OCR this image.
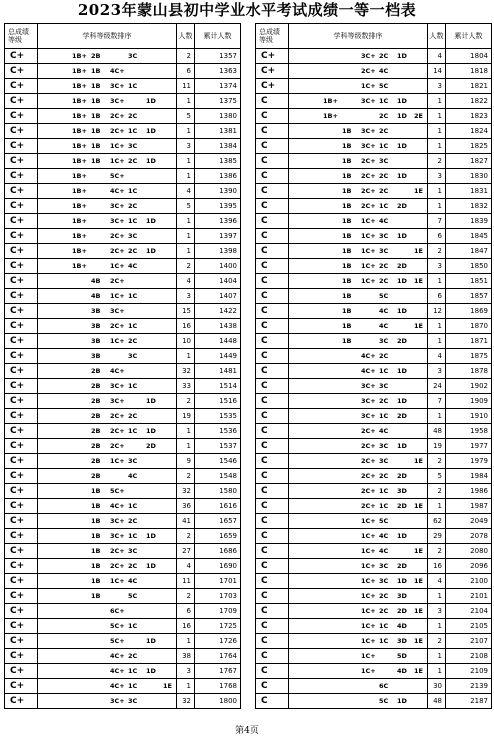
2023年蒙山县初中学业水平考试成绩一等一档表
总成绩
等级	学科等级数排序	人数	累计人数
C+	1B+ 2B 3C	2	1357
C+	1B+ 1B 4C+	6	1363
C+	1B+ 1B 3C+ 1C	11	1374
C+	1B+ 1B 3C+ 1D	1	1375
C+	1B+ 1B 2C+ 2C	5	1380
C+	1B+ 1B 2C+ 1C 1D	1	1381
C+	1B+ 1B 1C+ 3C	3	1384
C+	1B+ 1B 1C+ 2C 1D	1	1385
C+	1B+ 5C+	1	1386
C+	1B+ 4C+ 1C	4	1390
C+	1B+ 3C+ 2C	5	1395
C+	1B+ 3C+ 1C 1D	1	1396
C+	1B+ 2C+ 3C	1	1397
C+	1B+ 2C+ 2C 1D	1	1398
C+	1B+ 1C+ 4C	2	1400
C+	4B 2C+	4	1404
C+	4B 1C+ 1C	3	1407
C+	3B 3C+	15	1422
C+	3B 2C+ 1C	16	1438
C+	3B 1C+ 2C	10	1448
C+	3B 3C	1	1449
C+	2B 4C+	32	1481
C+	2B 3C+ 1C	33	1514
C+	2B 3C+ 1D	2	1516
C+	2B 2C+ 2C	19	1535
C+	2B 2C+ 1C 1D	1	1536
C+	2B 2C+ 2D	1	1537
C+	2B 1C+ 3C	9	1546
C+	2B 4C	2	1548
C+	1B 5C+	32	1580
C+	1B 4C+ 1C	36	1616
C+	1B 3C+ 2C	41	1657
C+	1B 3C+ 1C 1D	2	1659
C+	1B 2C+ 3C	27	1686
C+	1B 2C+ 2C 1D	4	1690
C+	1B 1C+ 4C	11	1701
C+	1B 5C	2	1703
C+	6C+	6	1709
C+	5C+ 1C	16	1725
C+	5C+ 1D	1	1726
C+	4C+ 2C	38	1764
C+	4C+ 1C 1D	3	1767
C+	4C+ 1C 1E	1	1768
C+	3C+ 3C	32	1800
总成绩
等级	学科等级数排序	人数	累计人数
C+	3C+ 2C 1D	4	1804
C+	2C+ 4C	14	1818
C+	1C+ 5C	3	1821
C	1B+ 3C+ 1C 1D	1	1822
C	1B+ 2C 1D 2E	1	1823
C	1B 3C+ 2C	1	1824
C	1B 3C+ 1C 1D	1	1825
C	1B 2C+ 3C	2	1827
C	1B 2C+ 2C 1D	3	1830
C	1B 2C+ 2C 1E	1	1831
C	1B 2C+ 1C 2D	1	1832
C	1B 1C+ 4C	7	1839
C	1B 1C+ 3C 1D	6	1845
C	1B 1C+ 3C 1E	2	1847
C	1B 1C+ 2C 2D	3	1850
C	1B 1C+ 2C 1D 1E	1	1851
C	1B 5C	6	1857
C	1B 4C 1D	12	1869
C	1B 4C 1E	1	1870
C	1B 3C 2D	1	1871
C	4C+ 2C	4	1875
C	4C+ 1C 1D	3	1878
C	3C+ 3C	24	1902
C	3C+ 2C 1D	7	1909
C	3C+ 1C 2D	1	1910
C	2C+ 4C	48	1958
C	2C+ 3C 1D	19	1977
C	2C+ 3C 1E	2	1979
C	2C+ 2C 2D	5	1984
C	2C+ 1C 3D	2	1986
C	2C+ 1C 2D 1E	1	1987
C	1C+ 5C	62	2049
C	1C+ 4C 1D	29	2078
C	1C+ 4C 1E	2	2080
C	1C+ 3C 2D	16	2096
C	1C+ 3C 1D 1E	4	2100
C	1C+ 2C 3D	1	2101
C	1C+ 2C 2D 1E	3	2104
C	1C+ 1C 4D	1	2105
C	1C+ 1C 3D 1E	2	2107
C	1C+ 5D	1	2108
C	1C+ 4D 1E	1	2109
C	6C	30	2139
C	5C 1D	48	2187
第4页
